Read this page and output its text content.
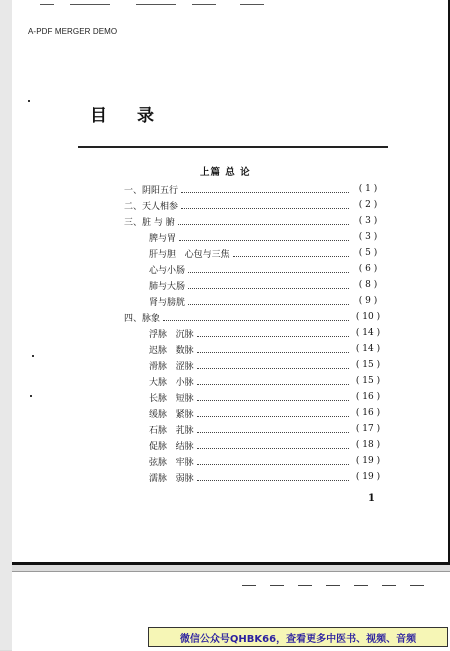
A-PDF MERGER DEMO
目录
上篇 总 论
一、阴阳五行	( 1 )
二、天人相参	( 2 )
三、脏 与 腑	( 3 )
脾与胃	( 3 )
肝与胆   心包与三焦	( 5 )
心与小肠	( 6 )
肺与大肠	( 8 )
肾与膀胱	( 9 )
四、脉象	( 10 )
浮脉   沉脉	( 14 )
迟脉   数脉	( 14 )
滑脉   涩脉	( 15 )
大脉   小脉	( 15 )
长脉   短脉	( 16 )
缓脉   紧脉	( 16 )
石脉   芤脉	( 17 )
促脉   结脉	( 18 )
弦脉   牢脉	( 19 )
濡脉   弱脉	( 19 )
1
微信公众号QHBK66，查看更多中医书、视频、音频
